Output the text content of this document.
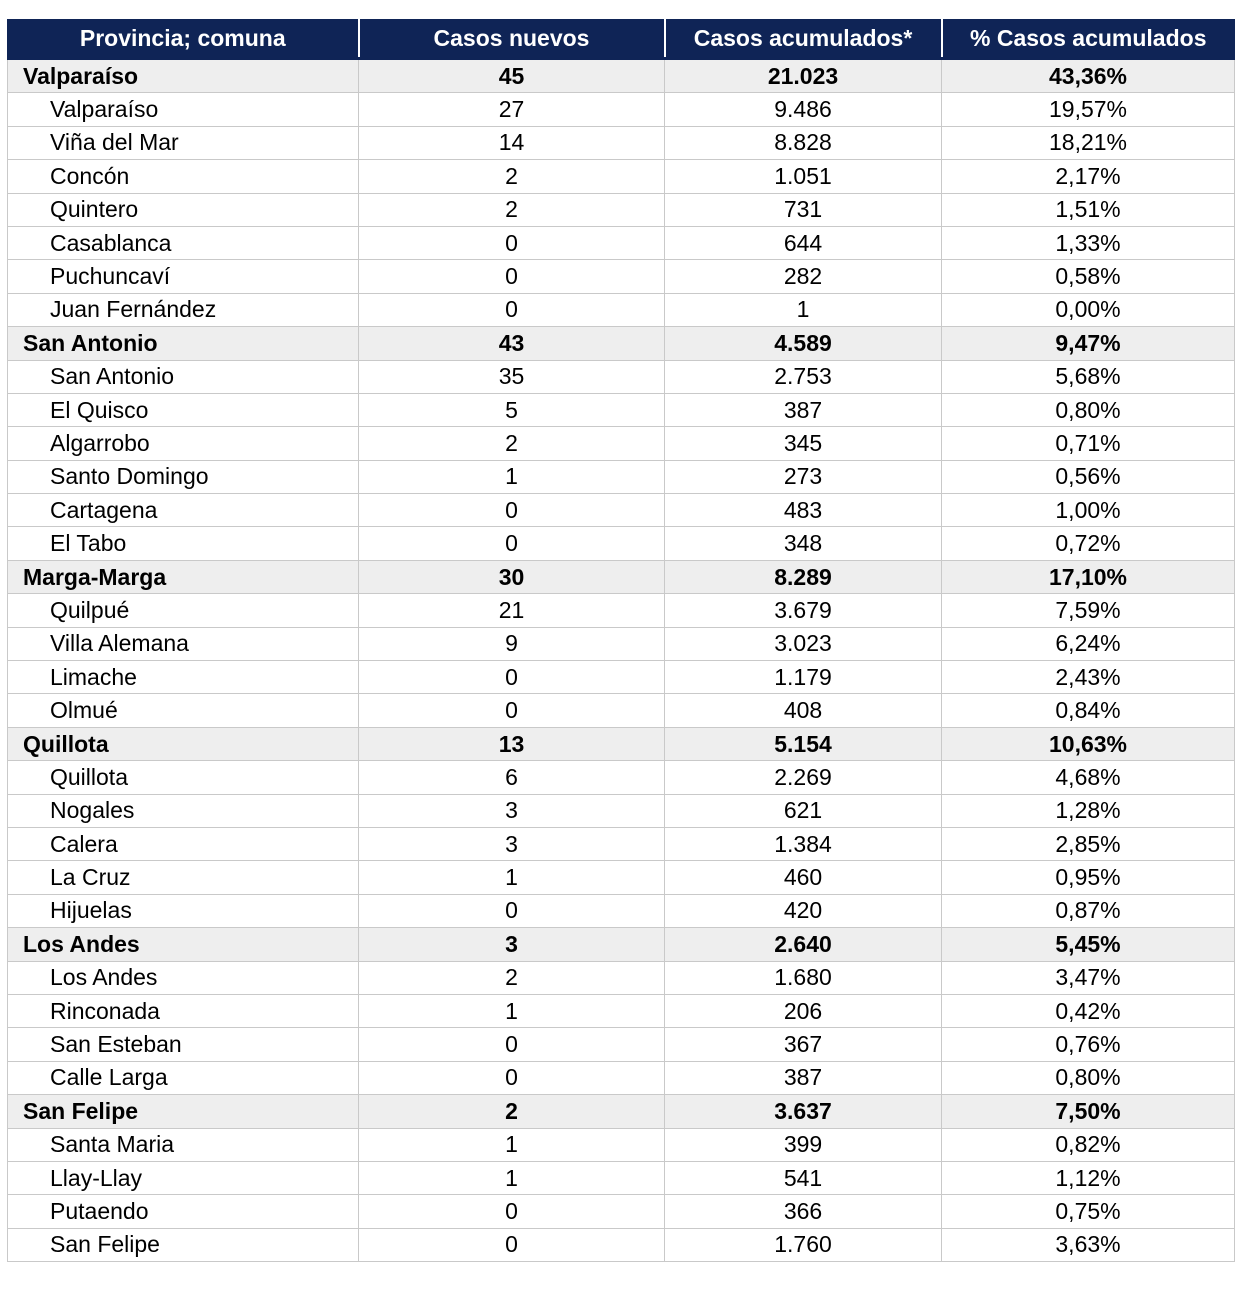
Provincia; comuna	Casos nuevos	Casos acumulados*	% Casos acumulados
Valparaíso	45	21.023	43,36%
Valparaíso	27	9.486	19,57%
Viña del Mar	14	8.828	18,21%
Concón	2	1.051	2,17%
Quintero	2	731	1,51%
Casablanca	0	644	1,33%
Puchuncaví	0	282	0,58%
Juan Fernández	0	1	0,00%
San Antonio	43	4.589	9,47%
San Antonio	35	2.753	5,68%
El Quisco	5	387	0,80%
Algarrobo	2	345	0,71%
Santo Domingo	1	273	0,56%
Cartagena	0	483	1,00%
El Tabo	0	348	0,72%
Marga-Marga	30	8.289	17,10%
Quilpué	21	3.679	7,59%
Villa Alemana	9	3.023	6,24%
Limache	0	1.179	2,43%
Olmué	0	408	0,84%
Quillota	13	5.154	10,63%
Quillota	6	2.269	4,68%
Nogales	3	621	1,28%
Calera	3	1.384	2,85%
La Cruz	1	460	0,95%
Hijuelas	0	420	0,87%
Los Andes	3	2.640	5,45%
Los Andes	2	1.680	3,47%
Rinconada	1	206	0,42%
San Esteban	0	367	0,76%
Calle Larga	0	387	0,80%
San Felipe	2	3.637	7,50%
Santa Maria	1	399	0,82%
Llay-Llay	1	541	1,12%
Putaendo	0	366	0,75%
San Felipe	0	1.760	3,63%
